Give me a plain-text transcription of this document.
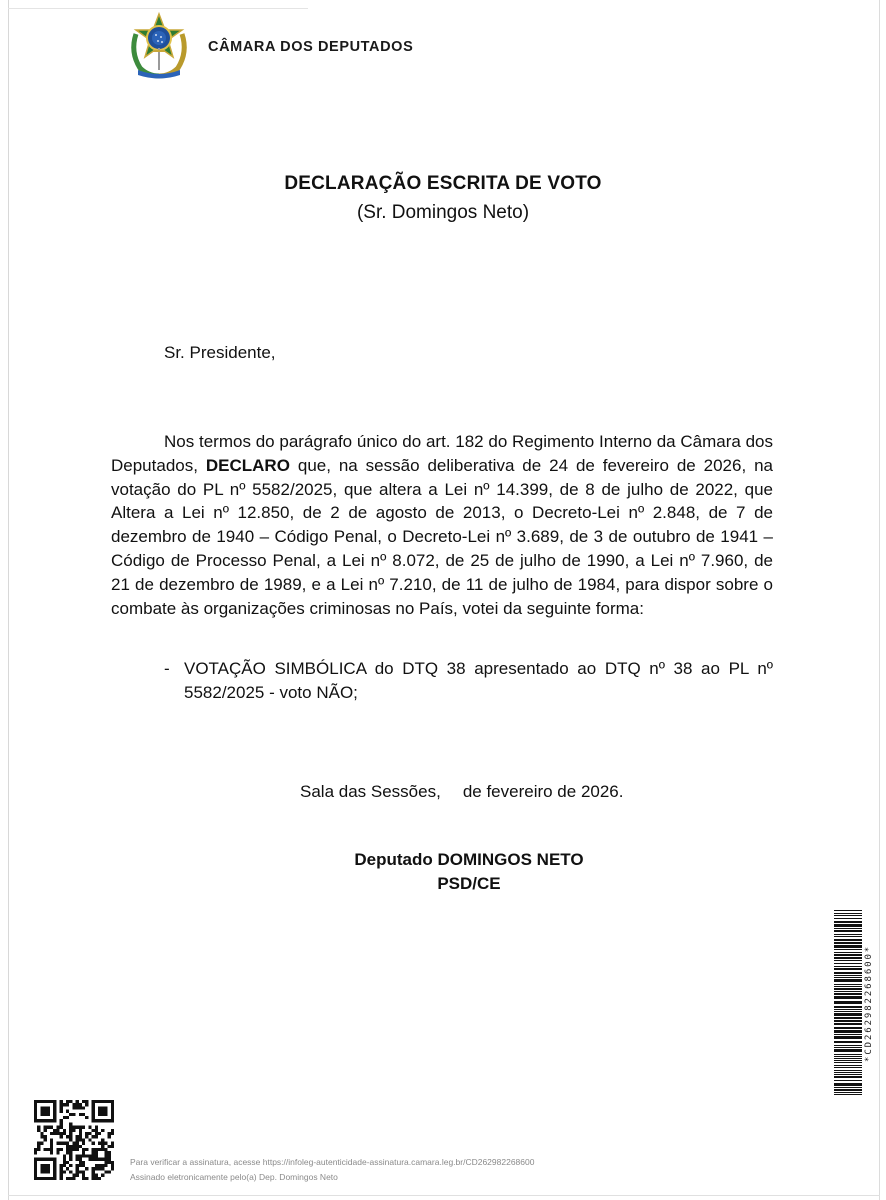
CÂMARA DOS DEPUTADOS
DECLARAÇÃO ESCRITA DE VOTO
(Sr. Domingos Neto)
Sr. Presidente,
Nos termos do parágrafo único do art. 182 do Regimento Interno da Câmara dos Deputados, DECLARO que, na sessão deliberativa de 24 de fevereiro de 2026, na votação do PL nº 5582/2025, que altera a Lei nº 14.399, de 8 de julho de 2022, que Altera a Lei nº 12.850, de 2 de agosto de 2013, o Decreto-Lei nº 2.848, de 7 de dezembro de 1940 – Código Penal, o Decreto-Lei nº 3.689, de 3 de outubro de 1941 – Código de Processo Penal, a Lei nº 8.072, de 25 de julho de 1990, a Lei nº 7.960, de 21 de dezembro de 1989, e a Lei nº 7.210, de 11 de julho de 1984, para dispor sobre o combate às organizações criminosas no País, votei da seguinte forma:
- VOTAÇÃO SIMBÓLICA do DTQ 38 apresentado ao DTQ nº 38 ao PL nº 5582/2025 - voto NÃO;
Sala das Sessões, de fevereiro de 2026.
Deputado DOMINGOS NETO
PSD/CE
*CD262982268600*
Para verificar a assinatura, acesse https://infoleg-autenticidade-assinatura.camara.leg.br/CD262982268600
Assinado eletronicamente pelo(a) Dep. Domingos Neto
